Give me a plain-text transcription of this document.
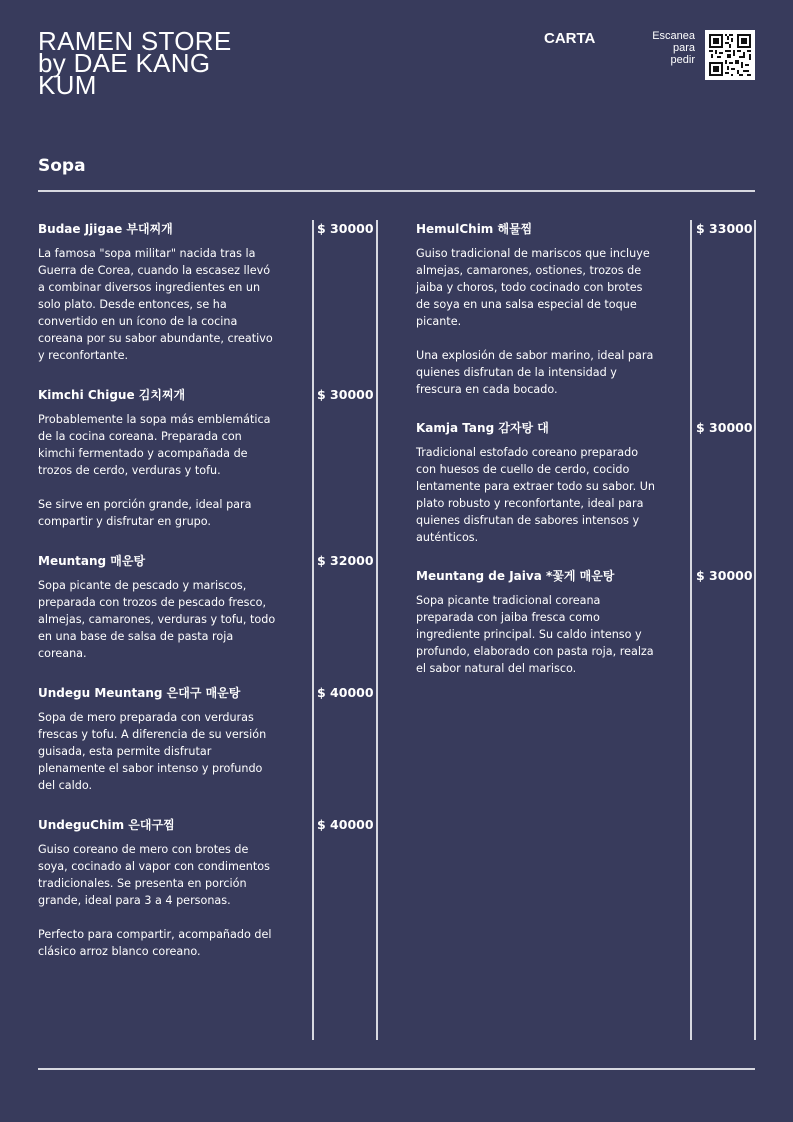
RAMEN STORE
by DAE KANG
KUM
CARTA	Escanea
para
pedir
Sopa
Budae Jjigae 부대찌개	$ 30000

La famosa "sopa militar" nacida tras la Guerra de Corea, cuando la escasez llevó a combinar diversos ingredientes en un solo plato. Desde entonces, se ha convertido en un ícono de la cocina coreana por su sabor abundante, creativo y reconfortante.

Kimchi Chigue 김치찌개	$ 30000

Probablemente la sopa más emblemática de la cocina coreana. Preparada con kimchi fermentado y acompañada de trozos de cerdo, verduras y tofu.

Se sirve en porción grande, ideal para compartir y disfrutar en grupo.

Meuntang 매운탕	$ 32000

Sopa picante de pescado y mariscos, preparada con trozos de pescado fresco, almejas, camarones, verduras y tofu, todo en una base de salsa de pasta roja coreana.

Undegu Meuntang 은대구 매운탕	$ 40000

Sopa de mero preparada con verduras frescas y tofu. A diferencia de su versión guisada, esta permite disfrutar plenamente el sabor intenso y profundo del caldo.

UndeguChim 은대구찜	$ 40000

Guiso coreano de mero con brotes de soya, cocinado al vapor con condimentos tradicionales. Se presenta en porción grande, ideal para 3 a 4 personas.

Perfecto para compartir, acompañado del clásico arroz blanco coreano.

HemulChim 해물찜	$ 33000

Guiso tradicional de mariscos que incluye almejas, camarones, ostiones, trozos de jaiba y choros, todo cocinado con brotes de soya en una salsa especial de toque picante.

Una explosión de sabor marino, ideal para quienes disfrutan de la intensidad y frescura en cada bocado.

Kamja Tang 감자탕 대	$ 30000

Tradicional estofado coreano preparado con huesos de cuello de cerdo, cocido lentamente para extraer todo su sabor. Un plato robusto y reconfortante, ideal para quienes disfrutan de sabores intensos y auténticos.

Meuntang de Jaiva *꽃게 매운탕	$ 30000

Sopa picante tradicional coreana preparada con jaiba fresca como ingrediente principal. Su caldo intenso y profundo, elaborado con pasta roja, realza el sabor natural del marisco.
